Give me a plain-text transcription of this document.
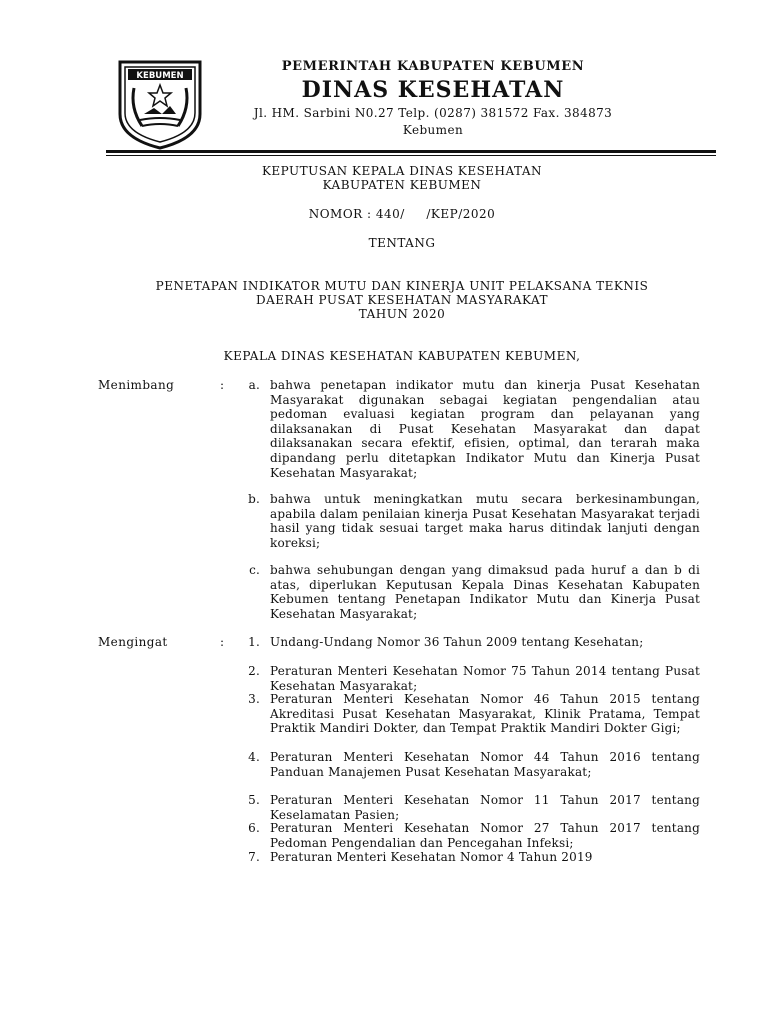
KEBUMEN
PEMERINTAH KABUPATEN KEBUMEN
DINAS KESEHATAN
Jl. HM. Sarbini N0.27 Telp. (0287) 381572 Fax. 384873
Kebumen
KEPUTUSAN KEPALA DINAS KESEHATAN
KABUPATEN KEBUMEN
NOMOR : 440/     /KEP/2020
TENTANG
PENETAPAN INDIKATOR MUTU DAN KINERJA UNIT PELAKSANA TEKNIS
DAERAH PUSAT KESEHATAN MASYARAKAT
TAHUN 2020
KEPALA DINAS KESEHATAN KABUPATEN KEBUMEN,
Menimbang	:	a. bahwa penetapan indikator mutu dan kinerja Pusat Kesehatan Masyarakat digunakan sebagai kegiatan pengendalian atau pedoman evaluasi kegiatan program dan pelayanan yang dilaksanakan di Pusat Kesehatan Masyarakat dan dapat dilaksanakan secara efektif, efisien, optimal, dan terarah maka dipandang perlu ditetapkan Indikator Mutu dan Kinerja Pusat Kesehatan Masyarakat;
b. bahwa untuk meningkatkan mutu secara berkesinambungan, apabila dalam penilaian kinerja Pusat Kesehatan Masyarakat terjadi hasil yang tidak sesuai target maka harus ditindak lanjuti dengan koreksi;
c. bahwa sehubungan dengan yang dimaksud pada huruf a dan b di atas, diperlukan Keputusan Kepala Dinas Kesehatan Kabupaten Kebumen tentang Penetapan Indikator Mutu dan Kinerja Pusat Kesehatan Masyarakat;
Mengingat	:	1. Undang-Undang Nomor 36 Tahun 2009 tentang Kesehatan;
2. Peraturan Menteri Kesehatan Nomor 75 Tahun 2014 tentang Pusat Kesehatan Masyarakat;
3. Peraturan Menteri Kesehatan Nomor 46 Tahun 2015 tentang Akreditasi Pusat Kesehatan Masyarakat, Klinik Pratama, Tempat Praktik Mandiri Dokter, dan Tempat Praktik Mandiri Dokter Gigi;
4. Peraturan Menteri Kesehatan Nomor 44 Tahun 2016 tentang Panduan Manajemen Pusat Kesehatan Masyarakat;
5. Peraturan Menteri Kesehatan Nomor 11 Tahun 2017 tentang Keselamatan Pasien;
6. Peraturan Menteri Kesehatan Nomor 27 Tahun 2017 tentang Pedoman Pengendalian dan Pencegahan Infeksi;
7. Peraturan Menteri Kesehatan Nomor 4 Tahun 2019
